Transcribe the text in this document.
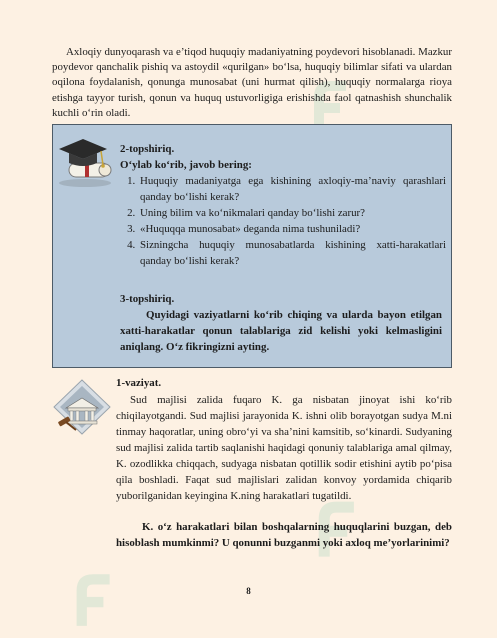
Axloqiy dunyoqarash va e’tiqod huquqiy madaniyatning poydevori hisoblanadi. Mazkur poydevor qanchalik pishiq va astoydil «qurilgan» bo‘lsa, huquqiy bilimlar sifati va ulardan oqilona foydalanish, qonunga munosabat (uni hurmat qilish), huquqiy normalarga rioya etishga tayyor turish, qonun va huquq ustuvorligiga erishishda faol qatnashish shunchalik kuchli o‘rin oladi.

2-topshiriq.

O‘ylab ko‘rib, javob bering:

1. Huquqiy madaniyatga ega kishining axloqiy-ma’naviy qarashlari qanday bo‘lishi kerak?
2. Uning bilim va ko‘nikmalari qanday bo‘lishi zarur?
3. «Huquqqa munosabat» deganda nima tushuniladi?
4. Sizningcha huquqiy munosabatlarda kishining xatti-harakatlari qanday bo‘lishi kerak?

3-topshiriq.

Quyidagi vaziyatlarni ko‘rib chiqing va ularda bayon etilgan xatti-harakatlar qonun talablariga zid kelishi yoki kelmasligini aniqlang. O‘z fikringizni ayting.

1-vaziyat.

Sud majlisi zalida fuqaro K. ga nisbatan jinoyat ishi ko‘rib chiqilayotgandi. Sud majlisi jarayonida K. ishni olib borayotgan sudya M.ni tinmay haqoratlar, uning obro‘yi va sha’nini kamsitib, so‘kinardi. Sudyaning sud majlisi zalida tartib saqlanishi haqidagi qonuniy talablariga amal qilmay, K. ozodlikka chiqqach, sudyaga nisbatan qotillik sodir etishini aytib po‘pisa qila boshladi. Faqat sud majlislari zalidan konvoy yordamida chiqarib yuborilganidan keyingina K.ning harakatlari tugatildi.

K. o‘z harakatlari bilan boshqalarning huquqlarini buzgan, deb hisoblash mumkinmi? U qonunni buzganmi yoki axloq me’yorlarinimi?

8
